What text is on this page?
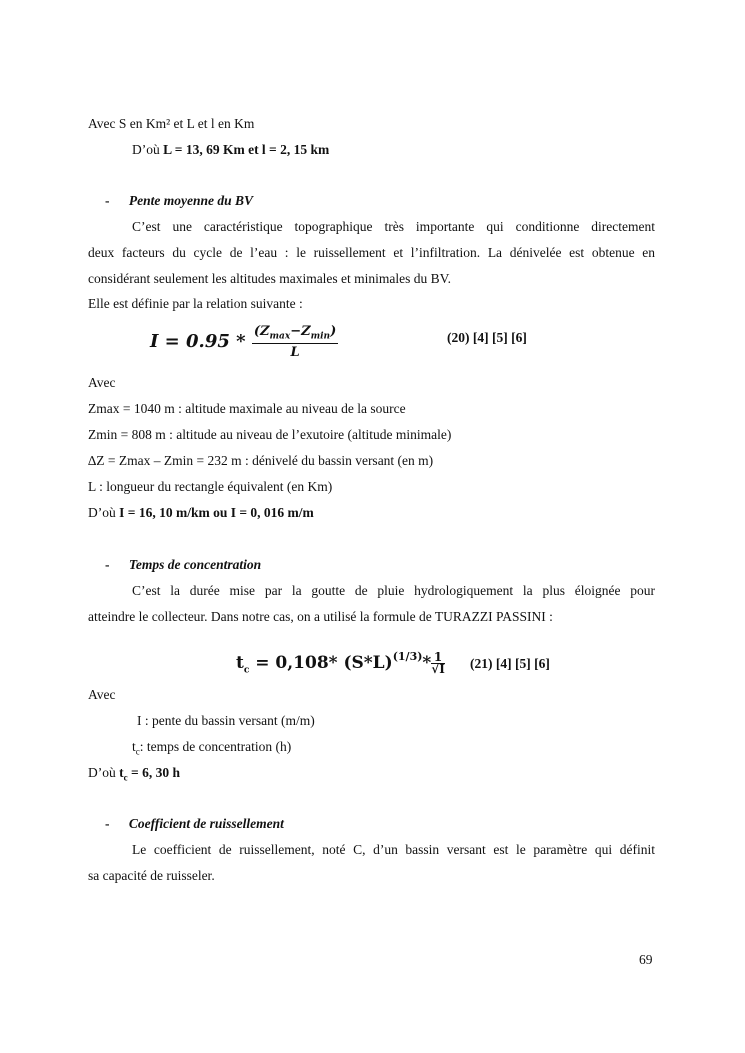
Avec S en Km² et L et l en Km
D’où L = 13, 69 Km et l = 2, 15 km
- Pente moyenne du BV
C’est une caractéristique topographique très importante qui conditionne directement
deux facteurs du cycle de l’eau : le ruissellement et l’infiltration. La dénivelée est obtenue en
considérant seulement les altitudes maximales et minimales du BV.
Elle est définie par la relation suivante :
$I = 0.95 * \frac{(Z_{max}-Z_{min})}{L}$	(20) [4] [5] [6]
Avec
Zmax = 1040 m : altitude maximale au niveau de la source
Zmin = 808 m : altitude au niveau de l’exutoire (altitude minimale)
∆Z = Zmax – Zmin = 232 m : dénivelé du bassin versant (en m)
L : longueur du rectangle équivalent (en Km)
D’où I = 16, 10 m/km ou I = 0, 016 m/m
- Temps de concentration
C’est la durée mise par la goutte de pluie hydrologiquement la plus éloignée pour
atteindre le collecteur. Dans notre cas, on a utilisé la formule de TURAZZI PASSINI :
$t_c = 0,108*$ $(S*L)^{(1/3)}* \frac{1}{√I} (21)$ [4] [5] [6]
Avec
I : pente du bassin versant (m/m)
$t_c$: temps de concentration (h)
D’où $t_c = 6$, 30 h
- Coefficient de ruissellement
Le coefficient de ruissellement, noté C, d’un bassin versant est le paramètre qui définit
sa capacité de ruisseler.
69
